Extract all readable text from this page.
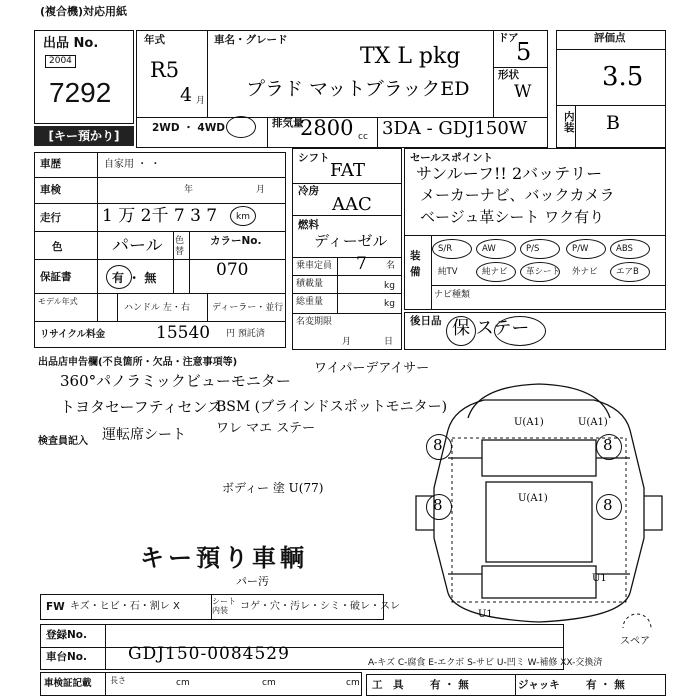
(複合機)対応用紙
出品 No.
2004
7292
年式
R5
4 月
車名・グレード
TX L pkg
プラド マットブラックED
ドア
5
形状
W
2WD ・ 4WD	排気量
2800 cc 3DA - GDJ150W
評価点
3.5
内装 B
[キー預かり]
車歴	自家用 ・ ・
車検	年	月
走行 1 万 2千 7 3 7 km
色	パール 色替
カラーNo.
070
保証書	有 ・ 無
モデル年式
ハンドル 左・右 ディーラー・並行
リサイクル料金	15540 円 預託済
シフト
FAT
冷房
AAC
燃料
ディーゼル
乗車定員 7 名
積載量	kg
総重量	kg
名変期限
月	日
セールスポイント
サンルーフ!! 2バッテリー
メーカーナビ、バックカメラ
ベージュ革シート ワク有り
装備
S/R	AW	P/S	P/W	ABS
純TV	純ナビ 革シート 外ナビ エアB
ナビ種類
後日品 保 ステー
出品店申告欄(不良箇所・欠品・注意事項等)
360°パノラミックビューモニター
トヨタセーフティセンス
BSM (ブラインドスポットモニター)
ワイパーデアイサー
検査員記入 運転席シート ワレ マエ ステー
ボディー 塗 U(77)
キー預り車輌
パー汚
FW キズ・ヒビ・石・割レ X	シート内装	コゲ・穴・汚レ・シミ・破レ・スレ
登録No.
車台No. GDJ150-0084529
車検証記載 長さ	cm	cm	cm
A-キズ C-腐食 E-エクボ S-サビ U-凹ミ W-補修 XX-交換済
工　具	有 ・ 無	ジャッキ 有 ・ 無
スペア
8	8
8	8
U(A1)	U(A1)
U(A1)
U1
U1
